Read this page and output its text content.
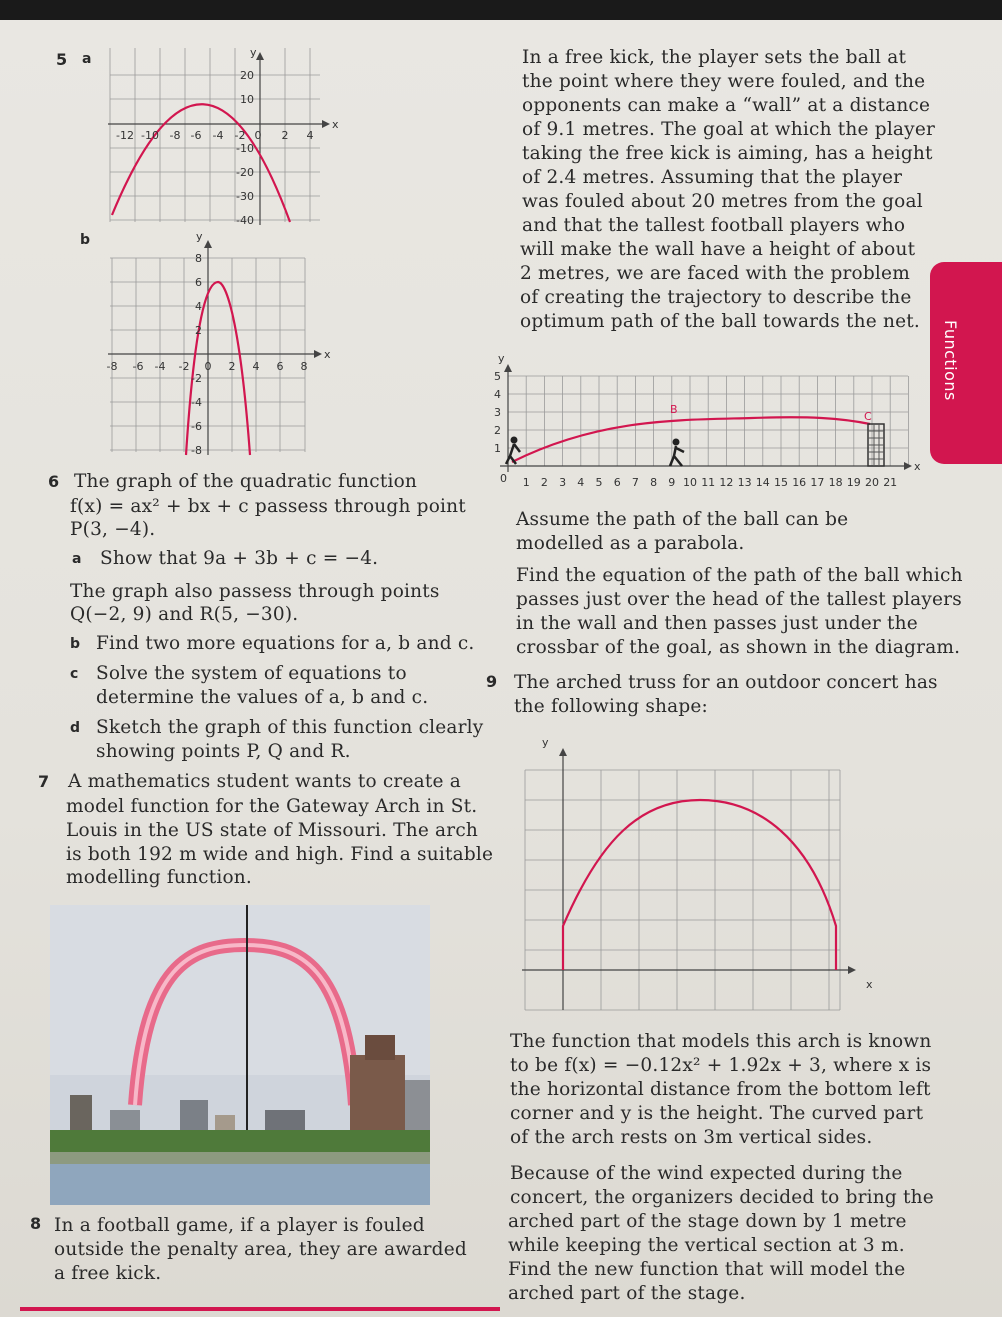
5 a
b
x
y
-12 -10 -8 -6 -4 -2 0 2 4
20
10
-10
-20
-30
-40
x
y
-8 -6 -4 -2 0 2 4 6 8
8
6
4
2
-2
-4
-6
-8
6 The graph of the quadratic function
f(x) = ax² + bx + c passess through point
P(3, −4).
a Show that 9a + 3b + c = −4.
The graph also passess through points
Q(−2, 9) and R(5, −30).
b Find two more equations for a, b and c.
c Solve the system of equations to
determine the values of a, b and c.
d Sketch the graph of this function clearly
showing points P, Q and R.
7 A mathematics student wants to create a
model function for the Gateway Arch in St.
Louis in the US state of Missouri. The arch
is both 192 m wide and high. Find a suitable
modelling function.
8 In a football game, if a player is fouled
outside the penalty area, they are awarded
a free kick.
In a free kick, the player sets the ball at
the point where they were fouled, and the
opponents can make a “wall” at a distance
of 9.1 metres. The goal at which the player
taking the free kick is aiming, has a height
of 2.4 metres. Assuming that the player
was fouled about 20 metres from the goal
and that the tallest football players who
will make the wall have a height of about
2 metres, we are faced with the problem
of creating the trajectory to describe the
optimum path of the ball towards the net.
x
y
0
B
C
1 2 3 4 5 6 7 8 9 10 11 12 13 14 15 16 17 18 19 20 21
5
4
3
2
1
Assume the path of the ball can be
modelled as a parabola.
Find the equation of the path of the ball which
passes just over the head of the tallest players
in the wall and then passes just under the
crossbar of the goal, as shown in the diagram.
9 The arched truss for an outdoor concert has
the following shape:
x
y
The function that models this arch is known
to be f(x) = −0.12x² + 1.92x + 3, where x is
the horizontal distance from the bottom left
corner and y is the height. The curved part
of the arch rests on 3m vertical sides.
Because of the wind expected during the
concert, the organizers decided to bring the
arched part of the stage down by 1 metre
while keeping the vertical section at 3 m.
Find the new function that will model the
arched part of the stage.
Functions
